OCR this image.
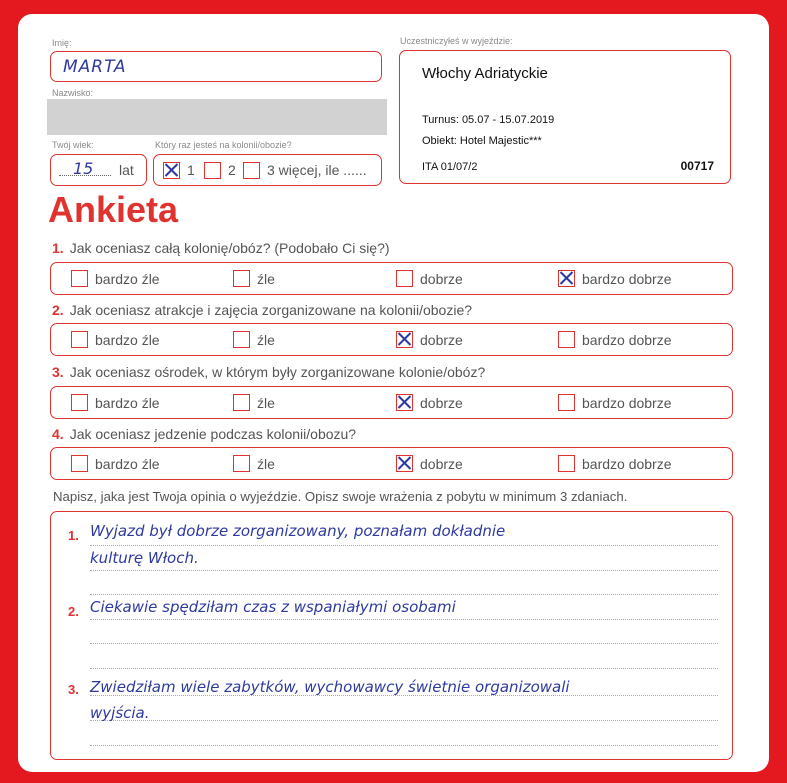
Imię:
MARTA
Nazwisko:
Twój wiek:
15 lat
Który raz jesteś na kolonii/obozie?
1 2 3 więcej, ile ......
Uczestniczyłeś w wyjeździe:
Włochy Adriatyckie
Turnus: 05.07 - 15.07.2019
Obiekt: Hotel Majestic***
ITA 01/07/2	00717
Ankieta
1. Jak oceniasz całą kolonię/obóz? (Podobało Ci się?)
bardzo źle	źle	dobrze	bardzo dobrze
2. Jak oceniasz atrakcje i zajęcia zorganizowane na kolonii/obozie?
bardzo źle	źle	dobrze	bardzo dobrze
3. Jak oceniasz ośrodek, w którym były zorganizowane kolonie/obóz?
bardzo źle	źle	dobrze	bardzo dobrze
4. Jak oceniasz jedzenie podczas kolonii/obozu?
bardzo źle	źle	dobrze	bardzo dobrze
Napisz, jaka jest Twoja opinia o wyjeździe. Opisz swoje wrażenia z pobytu w minimum 3 zdaniach.
1. Wyjazd był dobrze zorganizowany, poznałam dokładnie
kulturę Włoch.
2. Ciekawie spędziłam czas z wspaniałymi osobami
3. Zwiedziłam wiele zabytków, wychowawcy świetnie organizowali
wyjścia.
